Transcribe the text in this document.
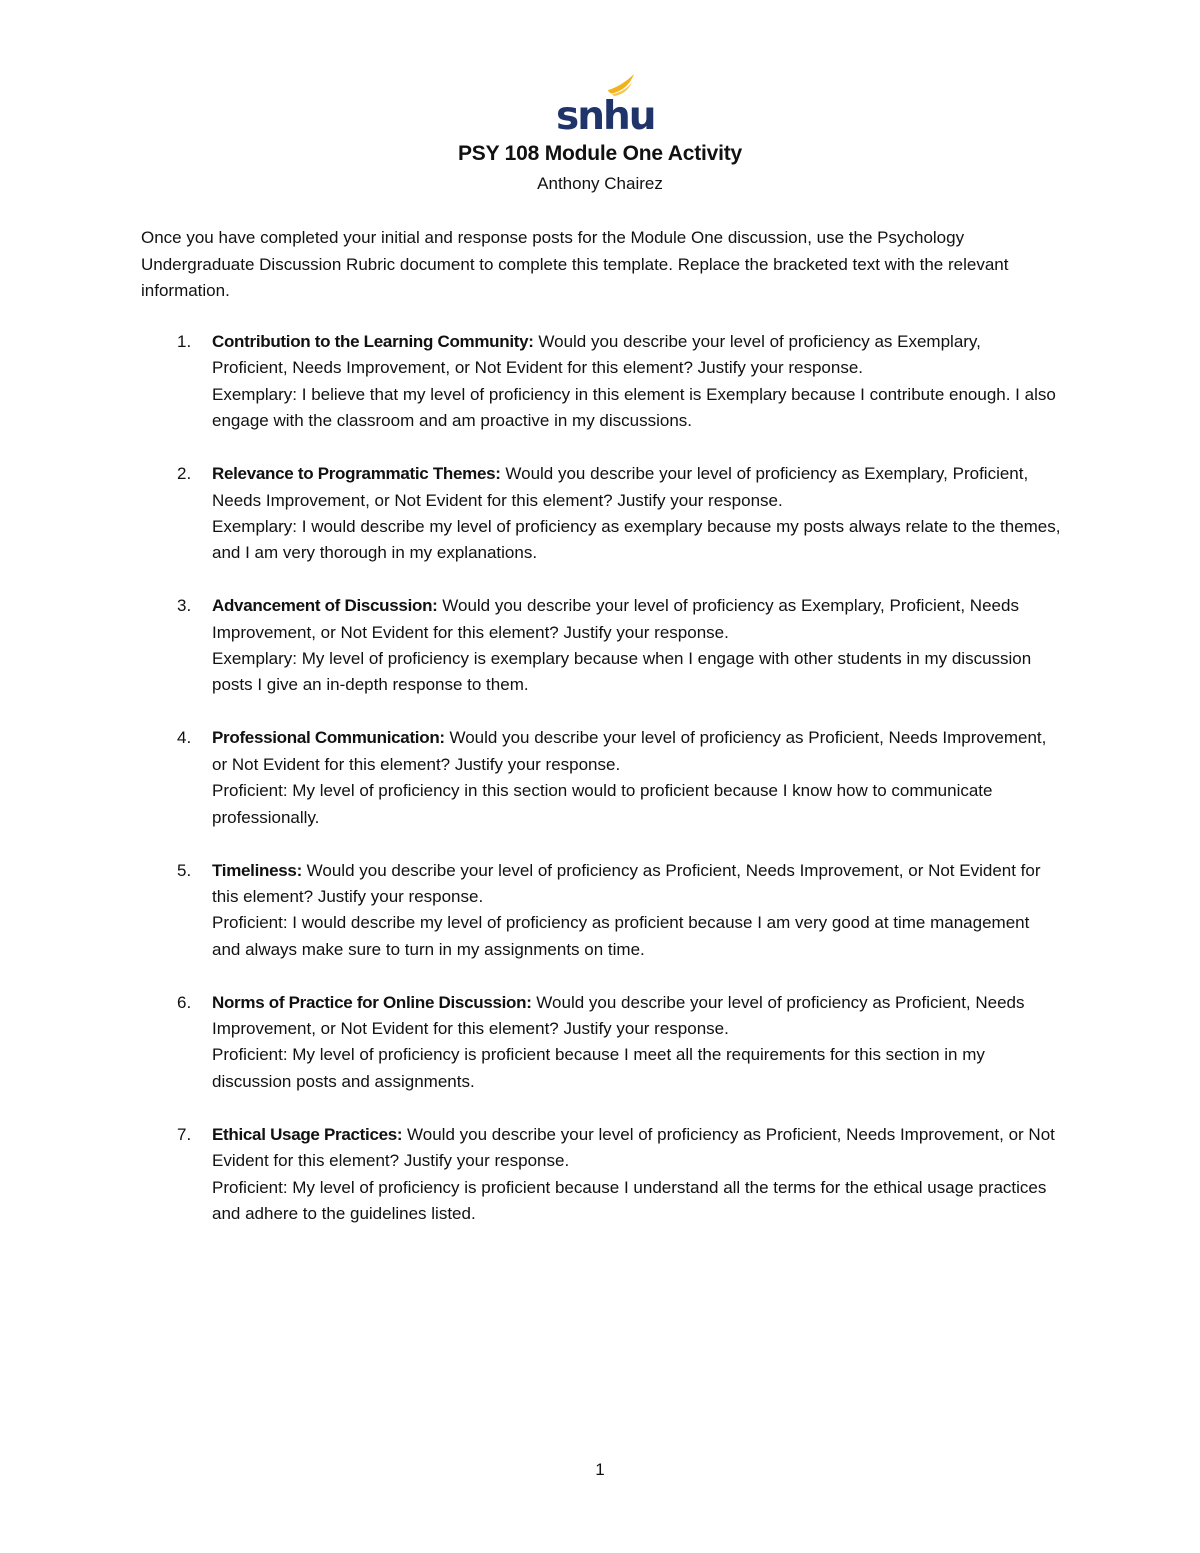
snhu
PSY 108 Module One Activity
Anthony Chairez
Once you have completed your initial and response posts for the Module One discussion, use the Psychology Undergraduate Discussion Rubric document to complete this template. Replace the bracketed text with the relevant information.
1. Contribution to the Learning Community: Would you describe your level of proficiency as Exemplary, Proficient, Needs Improvement, or Not Evident for this element? Justify your response.
Exemplary: I believe that my level of proficiency in this element is Exemplary because I contribute enough. I also engage with the classroom and am proactive in my discussions.
2. Relevance to Programmatic Themes: Would you describe your level of proficiency as Exemplary, Proficient, Needs Improvement, or Not Evident for this element? Justify your response.
Exemplary: I would describe my level of proficiency as exemplary because my posts always relate to the themes, and I am very thorough in my explanations.
3. Advancement of Discussion: Would you describe your level of proficiency as Exemplary, Proficient, Needs Improvement, or Not Evident for this element? Justify your response.
Exemplary: My level of proficiency is exemplary because when I engage with other students in my discussion posts I give an in-depth response to them.
4. Professional Communication: Would you describe your level of proficiency as Proficient, Needs Improvement, or Not Evident for this element? Justify your response.
Proficient: My level of proficiency in this section would to proficient because I know how to communicate professionally.
5. Timeliness: Would you describe your level of proficiency as Proficient, Needs Improvement, or Not Evident for this element? Justify your response.
Proficient: I would describe my level of proficiency as proficient because I am very good at time management and always make sure to turn in my assignments on time.
6. Norms of Practice for Online Discussion: Would you describe your level of proficiency as Proficient, Needs Improvement, or Not Evident for this element? Justify your response.
Proficient: My level of proficiency is proficient because I meet all the requirements for this section in my discussion posts and assignments.
7. Ethical Usage Practices: Would you describe your level of proficiency as Proficient, Needs Improvement, or Not Evident for this element? Justify your response.
Proficient: My level of proficiency is proficient because I understand all the terms for the ethical usage practices and adhere to the guidelines listed.
1
